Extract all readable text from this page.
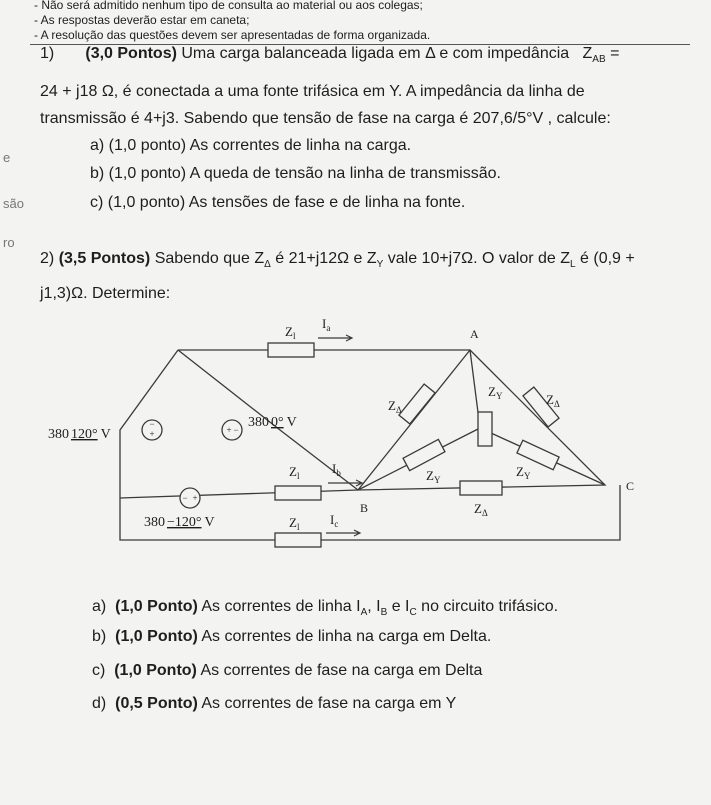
- Não será admitido nenhum tipo de consulta ao material ou aos colegas;
- As respostas deverão estar em caneta;
- A resolução das questões devem ser apresentadas de forma organizada.
1) (3,0 Pontos) Uma carga balanceada ligada em Δ e com impedância $Z_{AB}$ =
24 + j18 Ω, é conectada a uma fonte trifásica em Y. A impedância da linha de
transmissão é 4+j3. Sabendo que tensão de fase na carga é 207,6/5°V , calcule:
a) (1,0 ponto) As correntes de linha na carga.
b) (1,0 ponto) A queda de tensão na linha de transmissão.
c) (1,0 ponto) As tensões de fase e de linha na fonte.
e
são
ro
2) (3,5 Pontos) Sabendo que $Z_\Delta$ é 21+j12Ω e $Z_Y$ vale 10+j7Ω. O valor de $Z_L$ é (0,9 +
j1,3)Ω. Determine:
−
+	+ −
− +
380 120° V
380 0° V
380 −120° V
$Z_l$
$I_a$
$Z_l$	$I_b$
$Z_l$ $I_c$
$Z_\Delta$
$Z_Y$	$Z_\Delta$
$Z_Y$
$Z_Y$
$Z_\Delta$
A
B
C
a) (1,0 Ponto) As correntes de linha $I_A$, $I_B$ e $I_C$ no circuito trifásico.
b) (1,0 Ponto) As correntes de linha na carga em Delta.
c) (1,0 Ponto) As correntes de fase na carga em Delta
d) (0,5 Ponto) As correntes de fase na carga em Y
